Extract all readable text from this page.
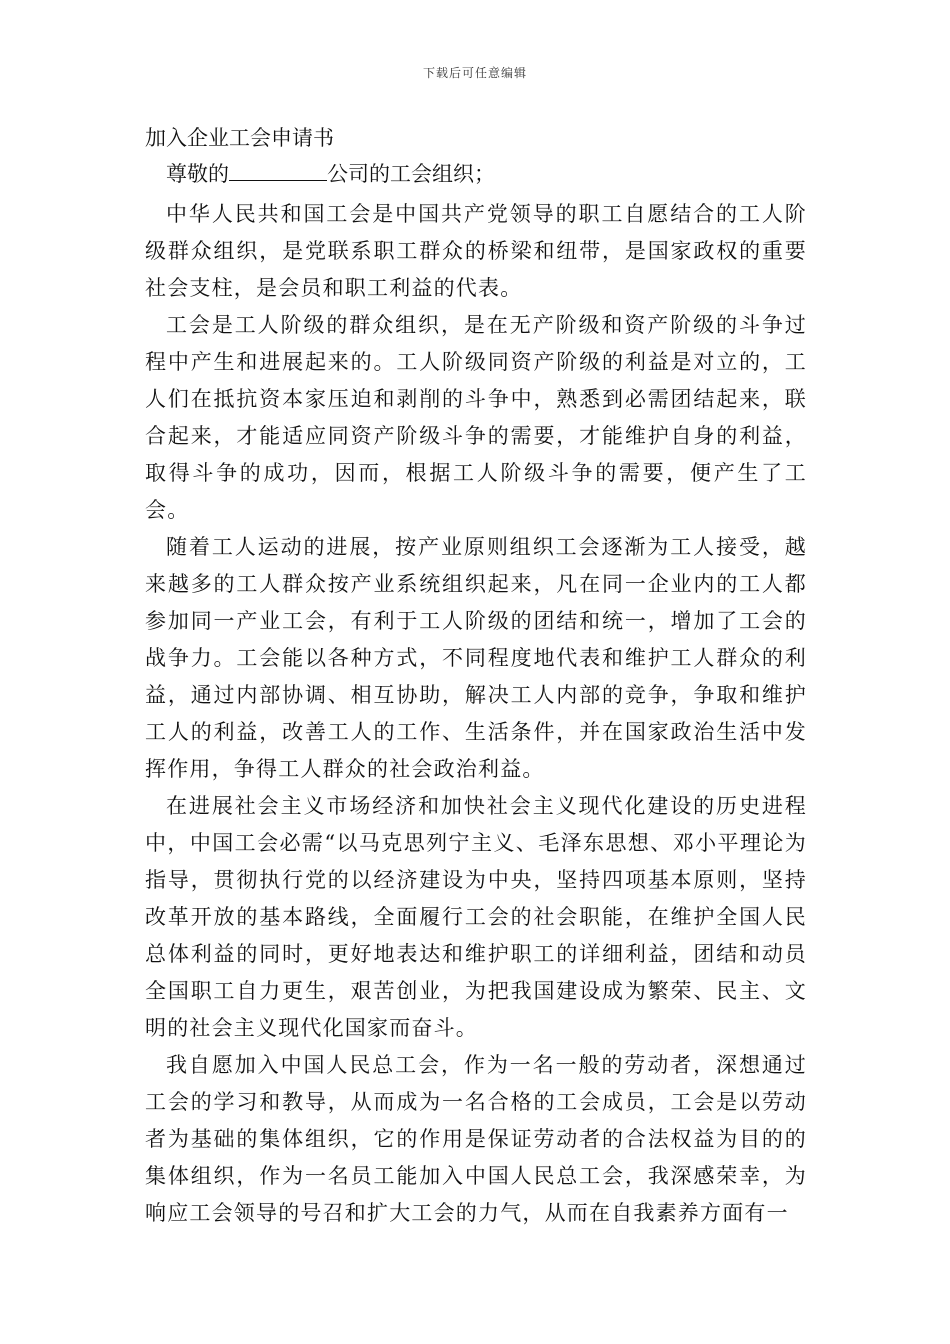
下载后可任意编辑

加入企业工会申请书

尊敬的	公司的工会组织；

中华人民共和国工会是中国共产党领导的职工自愿结合的工人阶级群众组织，是党联系职工群众的桥梁和纽带，是国家政权的重要社会支柱，是会员和职工利益的代表。

工会是工人阶级的群众组织，是在无产阶级和资产阶级的斗争过程中产生和进展起来的。工人阶级同资产阶级的利益是对立的，工人们在抵抗资本家压迫和剥削的斗争中，熟悉到必需团结起来，联合起来，才能适应同资产阶级斗争的需要，才能维护自身的利益，取得斗争的成功，因而，根据工人阶级斗争的需要，便产生了工会。

随着工人运动的进展，按产业原则组织工会逐渐为工人接受，越来越多的工人群众按产业系统组织起来，凡在同一企业内的工人都参加同一产业工会，有利于工人阶级的团结和统一，增加了工会的战争力。工会能以各种方式，不同程度地代表和维护工人群众的利益，通过内部协调、相互协助，解决工人内部的竞争，争取和维护工人的利益，改善工人的工作、生活条件，并在国家政治生活中发挥作用，争得工人群众的社会政治利益。

在进展社会主义市场经济和加快社会主义现代化建设的历史进程中，中国工会必需“以马克思列宁主义、毛泽东思想、邓小平理论为指导，贯彻执行党的以经济建设为中央，坚持四项基本原则，坚持改革开放的基本路线，全面履行工会的社会职能，在维护全国人民总体利益的同时，更好地表达和维护职工的详细利益，团结和动员全国职工自力更生，艰苦创业，为把我国建设成为繁荣、民主、文明的社会主义现代化国家而奋斗。

我自愿加入中国人民总工会，作为一名一般的劳动者，深想通过工会的学习和教导，从而成为一名合格的工会成员，工会是以劳动者为基础的集体组织，它的作用是保证劳动者的合法权益为目的的集体组织，作为一名员工能加入中国人民总工会，我深感荣幸，为响应工会领导的号召和扩大工会的力气，从而在自我素养方面有一
